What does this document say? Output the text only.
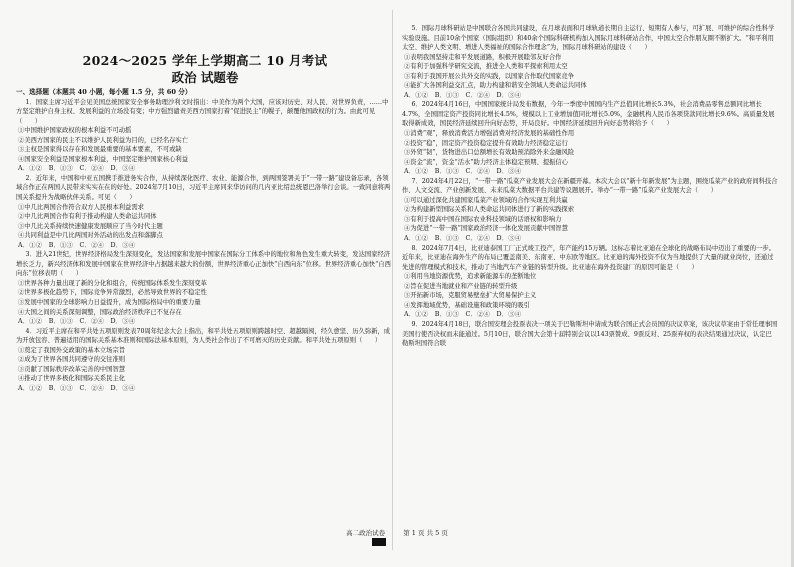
2024～2025 学年上学期高二 10 月考试
政治 试题卷
一、选择题（本题共 40 小题，每小题 1.5 分，共 60 分）

1．国家主席习近平会见美国总统国家安全事务助理沙利文时指出：中美作为两个大国，应该对历史、对人民、对世界负责，……中方坚定维护自身主权、发展利益的立场没有变；中方强烈谴责美西方国家打着“促进民主”的幌子，颠覆他国政权的行为。由此可见（　　）

①中国维护国家政权的根本利益不可动摇
②美西方国家的民主不以维护人民利益为目的，已经名存实亡
③主权是国家得以存在和发展最重要的基本要素，不可或缺
④国家安全利益是国家根本利益，中国坚定维护国家核心利益
A．①②　B．①③　C．②④　D．③④

2．近年来，中国和中亚五国携手推进务实合作，从持续深化医疗、农业、能源合作，到两国签署关于“一带一路”建设备忘录，各领域合作正在两国人民带来实实在在的好处。2024年7月10日，习近平主席同来华访问的几内亚比绍总统恩巴洛举行会谈。一致同意将两国关系提升为战略伙伴关系。可见（　　）

①中几比两国合作符合双方人民根本利益需求
②中几比两国合作有利于推动构建人类命运共同体
③中几比关系持续快速健康发展顺应了当今时代主题
④共同利益是中几比两国对外活动的出发点和落脚点
A．①②　B．①③　C．②④　D．③④

3．进入21世纪，世界经济格局发生深刻变化，发达国家和发展中国家在国际分工体系中的地位和角色发生重大转变，发达国家经济增长乏力，新兴经济体和发展中国家在世界经济中占据越来越大的份额，世界经济重心正加快“自西向东”位移。世界经济重心加快“自西向东”位移表明（　　）

①世界各种力量出现了新的分化和组合，传统国际体系发生深刻变革
②世界多极化趋势下，国际竞争异常激烈，必然导致世界的不稳定性
③发展中国家的全球影响力日益提升，成为国际格局中的重要力量
④大国之间的关系深刻调整，国际政治经济秩序已不复存在
A．①②　B．①③　C．②④　D．③④

4．习近平主席在和平共处五项原则发表70周年纪念大会上指出，和平共处五项原则跨越时空、超越隔阂，经久愈坚、历久弥新，成为开放包容、普遍适用的国际关系基本准则和国际法基本原则，为人类社会作出了不可磨灭的历史贡献。和平共处五项原则（　　）

①奠定了我国外交政策的基本立场宗旨
②成为了世界各国共同遵守的交往准则
③贡献了国际秩序改革完善的中国智慧
④推动了世界多极化和国际关系民主化
A．①②　B．①③　C．②④　D．③④

5．国际月球科研站是中国联合各国共同建设，在月球表面和月球轨道长期自主运行、短期有人参与，可扩展、可维护的综合性科学实验设施。目前10余个国家（国际组织）和40余个国际科研机构加入国际月球科研站合作，中国太空合作朋友圈不断扩大。“和平利用太空、维护人类文明、增进人类福祉的国际合作理念”为，国际月球科研站的建设（　　）

①表明我国坚持走和平发展道路，积极开展睦邻友好合作
②有利于加强科学研究交流，推进全人类和平探索利用太空
③有利于我国开展公共外交的实践，以国家合作取代国家竞争
④能扩大各国利益交汇点，助力构建和谐安全领域人类命运共同体
A．①②　B．①③　C．②④　D．③④

6．2024年4月16日，中国国家统计局发布数据，今年一季度中国国内生产总值同比增长5.3%，社会消费品零售总额同比增长4.7%，全国固定资产投资同比增长4.5%，规模以上工业增加值同比增长5.0%，金融机构人民币各项贷款同比增长9.6%。高质量发展取得新成效，国民经济延续回升向好态势，开局良好。中国经济延续回升向好态势将给予（　　）

①消费“观”，释放消费活力增强消费对经济发展的基础性作用
②投资“稳”，固定资产投资稳定提升有效助力经济稳定运行
③外贸“韧”，货物进出口总额增长有效助预消除外来金融风险
④资金“流”，资金“活水”助力经济主体稳定预期、提振信心
A．①②　B．①③　C．②④　D．③④

7．2024年4月22日，“一带一路”瓜菜产业发展大会在新疆开幕。本次大会以“新十年新发展”为主题，围绕瓜菜产业的政府间科技合作、人文交流、产业创新发展、未来瓜菜大数据平台共建等议题展开。举办“一带一路”瓜菜产业发展大会（　　）

①可以通过深化共建国家瓜菜产业领域的合作实现互利共赢
②为构建新型国际关系和人类命运共同体进行了新的实践探索
③有利于提高中国在国际农业科技领域的话语权和影响力
④为促进“一带一路”国家政治经济一体化发展贡献中国智慧
A．①②　B．①③　C．②④　D．③④

8．2024年7月4日，比亚迪泰国工厂正式竣工投产，年产能约15万辆。这标志着比亚迪在全球化的战略布局中迈出了重要的一步。近年来，比亚迪在海外生产的布局已覆盖南美、东南亚、中东欧等地区。比亚迪的海外投资不仅为当地提供了大量的就业岗位，还通过先进的管理模式和技术，推动了当地汽车产业链的转型升级。比亚迪在海外投资建厂的原因可能是（　　）

①利用当地资源优势，追求新能源车的垄断地位
②旨在促进当地就业和产业链的转型升级
③开拓新市场，克服贸易壁垒扩大贸易保护主义
④发挥地域优势，基础设施和政策环境的吸引
A．①②　B．①③　C．②④　D．③④

9．2024年4月18日，联合国安理会投票表决一项关于巴勒斯坦申请成为联合国正式会员国的决议草案，该决议草案由于常任理事国美国行使否决权而未能通过。5月10日，联合国大会第十届特别会议以143票赞成、9票反对、25票弃权的表决结果通过决议，认定巴勒斯坦国符合联

高二政治试卷	第 1 页 共 5 页
